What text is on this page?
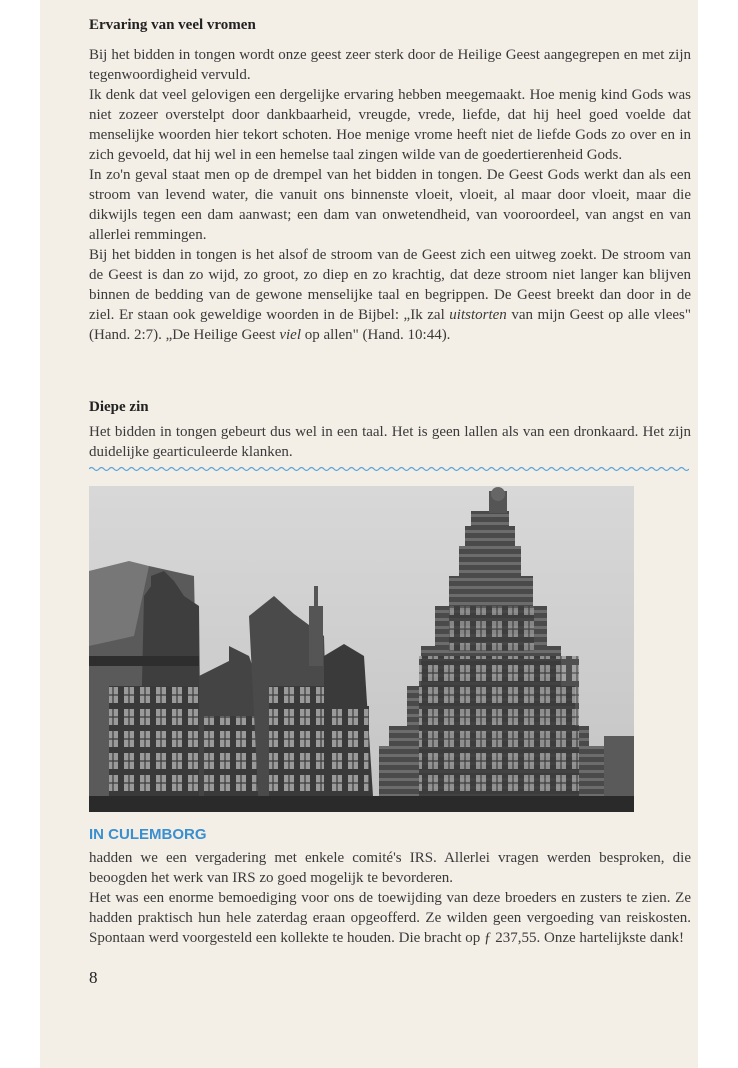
Ervaring van veel vromen

Bij het bidden in tongen wordt onze geest zeer sterk door de Heilige Geest aangegrepen en met zijn tegenwoordigheid vervuld.

Ik denk dat veel gelovigen een dergelijke ervaring hebben meegemaakt. Hoe menig kind Gods was niet zozeer overstelpt door dankbaarheid, vreugde, vrede, liefde, dat hij heel goed voelde dat menselijke woorden hier tekort schoten. Hoe menige vrome heeft niet de liefde Gods zo over en in zich gevoeld, dat hij wel in een hemelse taal zingen wilde van de goedertierenheid Gods.

In zo'n geval staat men op de drempel van het bidden in tongen. De Geest Gods werkt dan als een stroom van levend water, die vanuit ons binnenste vloeit, vloeit, al maar door vloeit, maar die dikwijls tegen een dam aanwast; een dam van onwetendheid, van vooroordeel, van angst en van allerlei remmingen.

Bij het bidden in tongen is het alsof de stroom van de Geest zich een uitweg zoekt. De stroom van de Geest is dan zo wijd, zo groot, zo diep en zo krachtig, dat deze stroom niet langer kan blijven binnen de bedding van de gewone menselijke taal en begrippen. De Geest breekt dan door in de ziel. Er staan ook geweldige woorden in de Bijbel: „Ik zal uitstorten van mijn Geest op alle vlees" (Hand. 2:7). „De Heilige Geest viel op allen" (Hand. 10:44).

Diepe zin

Het bidden in tongen gebeurt dus wel in een taal. Het is geen lallen als van een dronkaard. Het zijn duidelijke gearticuleerde klanken.

IN CULEMBORG

hadden we een vergadering met enkele comité's IRS. Allerlei vragen werden besproken, die beoogden het werk van IRS zo goed mogelijk te bevorderen.

Het was een enorme bemoediging voor ons de toewijding van deze broeders en zusters te zien. Ze hadden praktisch hun hele zaterdag eraan opgeofferd. Ze wilden geen vergoeding van reiskosten. Spontaan werd voorgesteld een kollekte te houden. Die bracht op ƒ 237,55. Onze hartelijkste dank!

8
